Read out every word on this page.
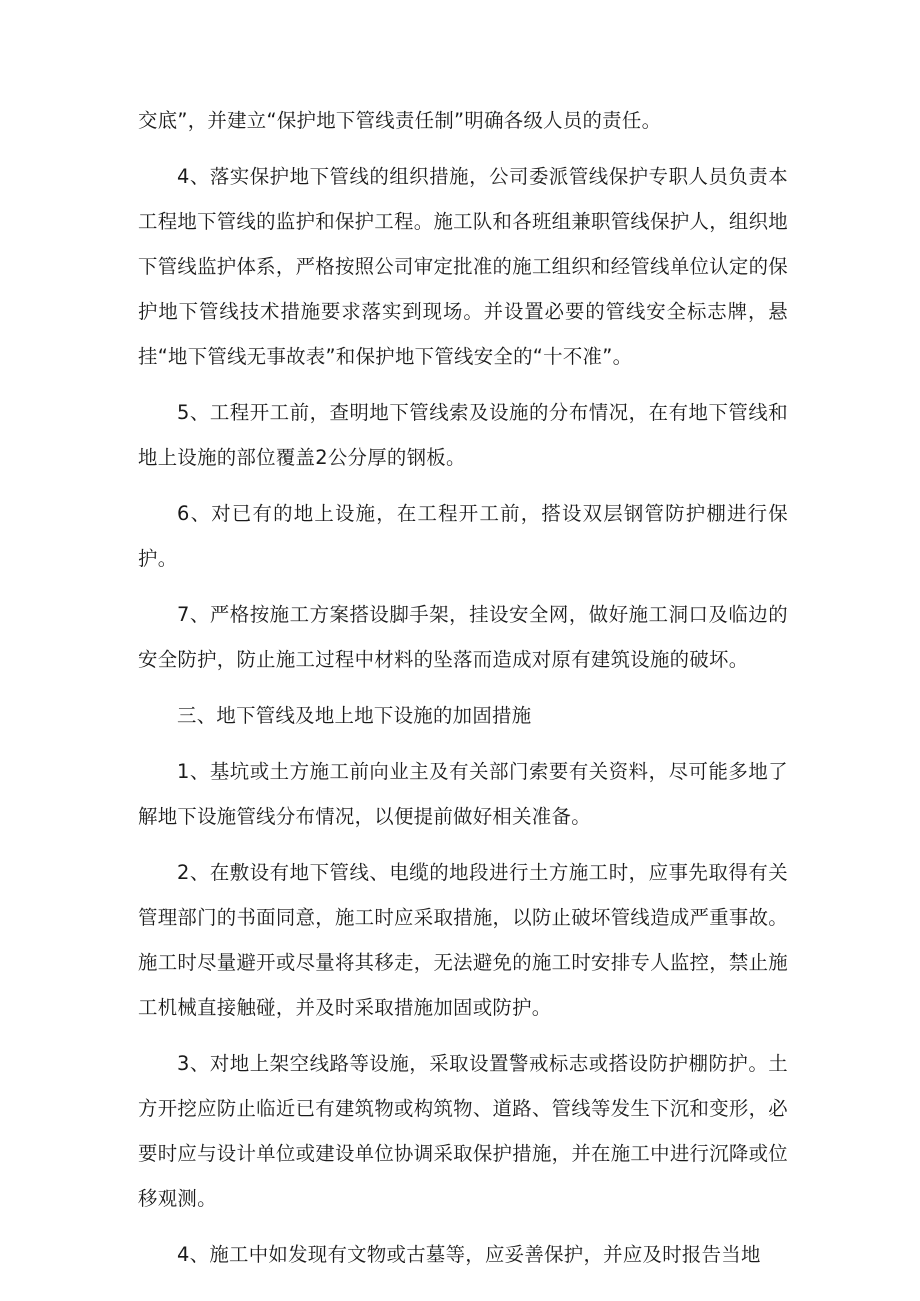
交底”，并建立“保护地下管线责任制”明确各级人员的责任。

4、落实保护地下管线的组织措施，公司委派管线保护专职人员负责本工程地下管线的监护和保护工程。施工队和各班组兼职管线保护人，组织地下管线监护体系，严格按照公司审定批准的施工组织和经管线单位认定的保护地下管线技术措施要求落实到现场。并设置必要的管线安全标志牌，悬挂“地下管线无事故表”和保护地下管线安全的“十不准”。

5、工程开工前，查明地下管线索及设施的分布情况，在有地下管线和地上设施的部位覆盖2公分厚的钢板。

6、对已有的地上设施，在工程开工前，搭设双层钢管防护棚进行保护。

7、严格按施工方案搭设脚手架，挂设安全网，做好施工洞口及临边的安全防护，防止施工过程中材料的坠落而造成对原有建筑设施的破坏。

三、地下管线及地上地下设施的加固措施

1、基坑或土方施工前向业主及有关部门索要有关资料，尽可能多地了解地下设施管线分布情况，以便提前做好相关准备。

2、在敷设有地下管线、电缆的地段进行土方施工时，应事先取得有关管理部门的书面同意，施工时应采取措施，以防止破坏管线造成严重事故。施工时尽量避开或尽量将其移走，无法避免的施工时安排专人监控，禁止施工机械直接触碰，并及时采取措施加固或防护。

3、对地上架空线路等设施，采取设置警戒标志或搭设防护棚防护。土方开挖应防止临近已有建筑物或构筑物、道路、管线等发生下沉和变形，必要时应与设计单位或建设单位协调采取保护措施，并在施工中进行沉降或位移观测。

4、施工中如发现有文物或古墓等，应妥善保护，并应及时报告当地
